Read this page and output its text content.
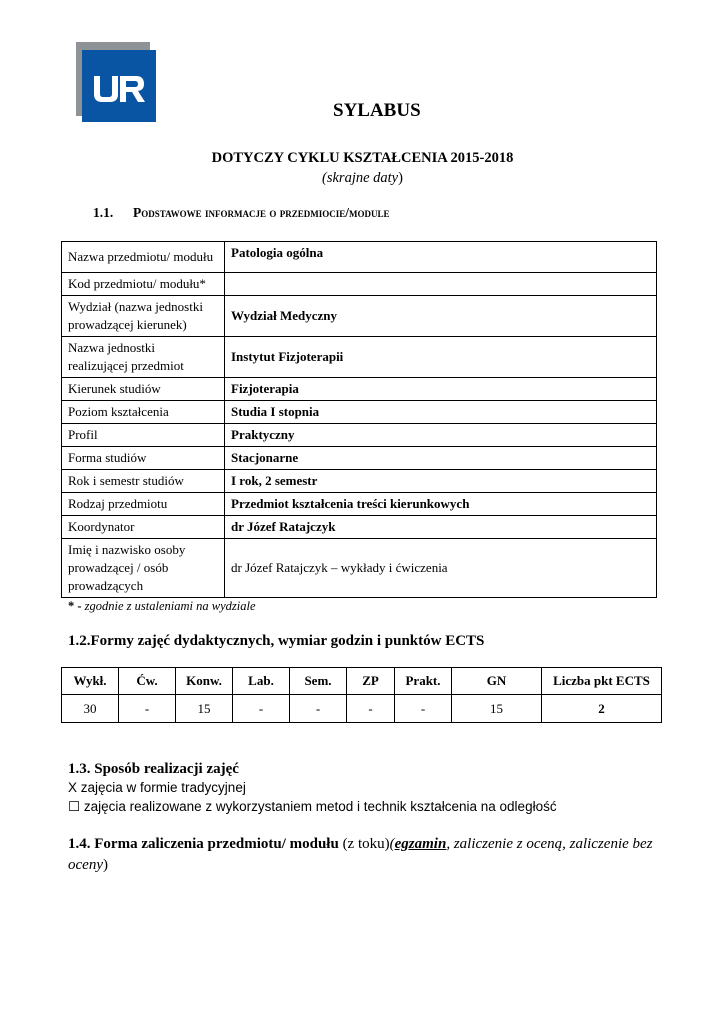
SYLABUS
DOTYCZY CYKLU KSZTAŁCENIA 2015-2018
(skrajne daty)
1.1. Podstawowe informacje o przedmiocie/module
Nazwa przedmiotu/ modułu	Patologia ogólna
Kod przedmiotu/ modułu*	
Wydział (nazwa jednostki prowadzącej kierunek)	Wydział Medyczny
Nazwa jednostki realizującej przedmiot	Instytut Fizjoterapii
Kierunek studiów	Fizjoterapia
Poziom kształcenia	Studia I stopnia
Profil	Praktyczny
Forma studiów	Stacjonarne
Rok i semestr studiów	I rok, 2 semestr
Rodzaj przedmiotu	Przedmiot kształcenia treści kierunkowych
Koordynator	dr Józef Ratajczyk
Imię i nazwisko osoby prowadzącej / osób prowadzących	dr Józef Ratajczyk – wykłady i ćwiczenia
* - zgodnie z ustaleniami na wydziale
1.2.Formy zajęć dydaktycznych, wymiar godzin i punktów ECTS
Wykł.	Ćw.	Konw.	Lab.	Sem.	ZP	Prakt.	GN	Liczba pkt ECTS
30	-	15	-	-	-	-	15	2
1.3. Sposób realizacji zajęć
X zajęcia w formie tradycyjnej
☐ zajęcia realizowane z wykorzystaniem metod i technik kształcenia na odległość
1.4. Forma zaliczenia przedmiotu/ modułu (z toku)(egzamin, zaliczenie z oceną, zaliczenie bez oceny)
